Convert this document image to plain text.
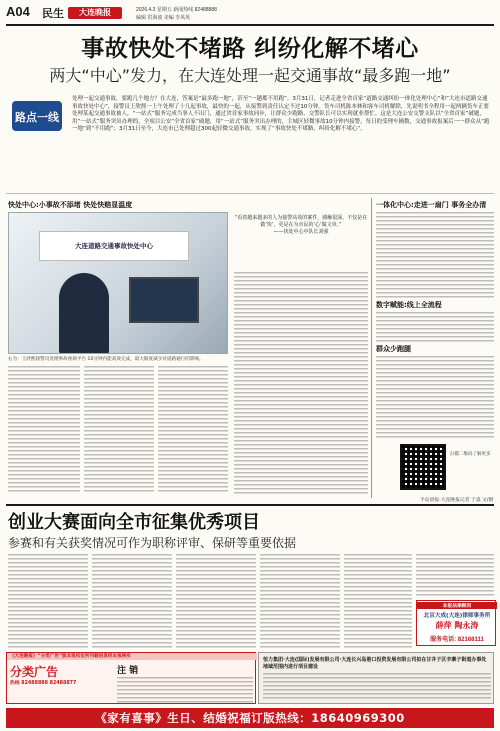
A04 民生	大连晚报	2026.4.3 星期五 新闻热线 82488888
编辑 洪海波 美编 李凤英
事故快处不堵路 纠纷化解不堵心
两大“中心”发力，在大连处理一起交通事故“最多跑一地”
路点一线
处理一起交通事故，要跑几个地方？在大连，答案是“最多跑一地”，甚至“一趟都不用跑”。3月31日，记者走进全省首家“道路交通纠纷一体化处理中心”和“大连市道路交通事故快处中心”，接警员王欣熙一上午处理了十几起事故，最快的一起，从接警到责任认定不过10分钟。货车司机陈本林和客车司机解除，先说明书全程用一起两辆货车正要处理某起交通事故被人，“一站式”服务完成当事人不出门，通过省首家事故同步，让群众少跑路、交警队长可以实现就业帮忙。这是大连公安交警支队以“全省首家”破题，用“一站式”服务突出办理的，全项目公安“全省首家”破题，用“一站式”服务突出办理的，主城区轻微事故10分钟内接警，每日的受理车辆数，交通事故报案后一一群众从“跑一地”到“不用跑”；3月31日至今，大连市已处理超过300起轻微交通事故，实现了“事故快处不堵路、纠纷化解不堵心”。
快处中心:小事故不添堵 快处快赔显温度
大连道路交通事故快处中心
右为：王欣熙接警员处理事故视频平台 10分钟内能高效完成，最大限度减少对道路通行的影响。
“看着越来越多的人为接警高效的案件，感触很深，不仅是在做‘快’，更是在为市民的‘心’做文章。”
——快处中心中队长刘强
一体化中心:走进一扇门 事务全办清
数字赋能:线上全流程
群众少跑腿
扫描二维码了解更多
半岛晨报·大连晚报记者 于淼 文/摄
创业大赛面向全市征集优秀项目
参赛和有关获奖情况可作为职称评审、保研等重要依据
本报法律顾问
北京大成(大连)律师事务所
薛萍 陶永涛
服务电话: 82168111
《大连晚报》“分类广告”版本报权位所刊载信息经本报核实
分类广告
热线 82488888 82488877
注 销
恒力集团·大连(国际)发展有限公司·大连长兴岛港口投资发展有限公司拟在甘井子区辛寨子街道办事处地域范围内进行项目建设
《家有喜事》生日、结婚祝福订版热线：18640969300
